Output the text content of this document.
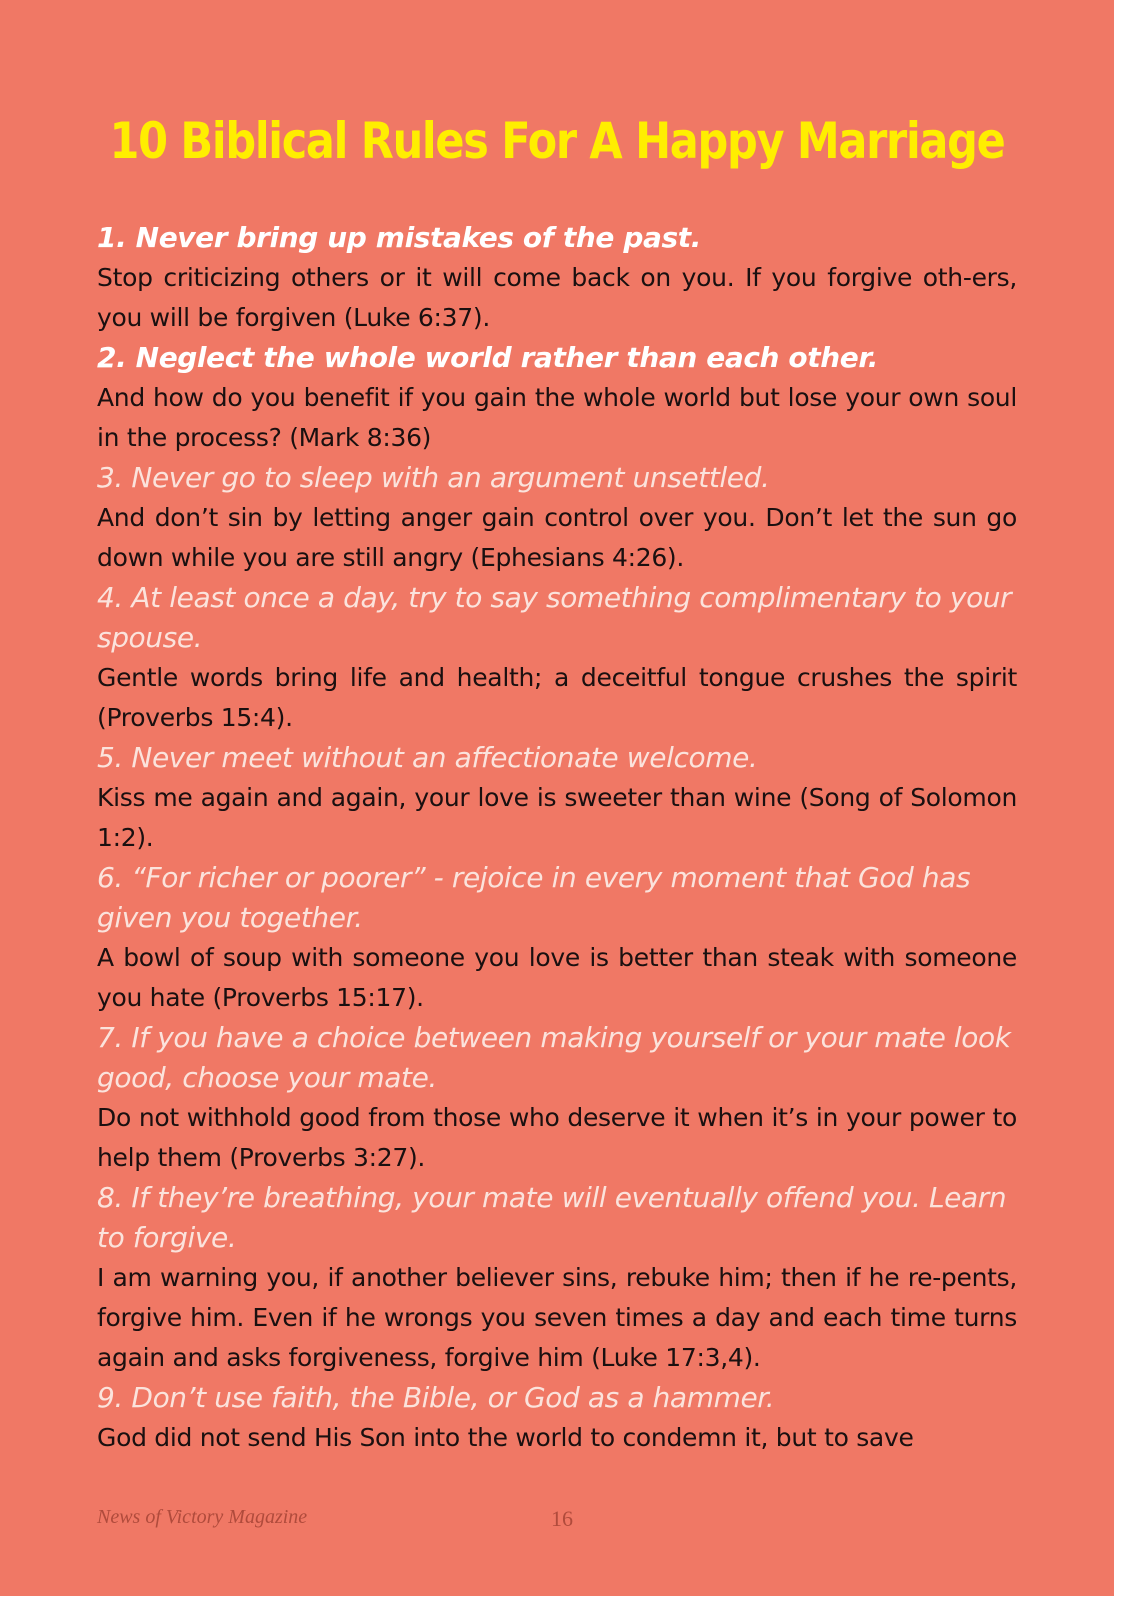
10 Biblical Rules For A Happy Marriage

1. Never bring up mistakes of the past.

Stop criticizing others or it will come back on you. If you forgive oth-ers, you will be forgiven (Luke 6:37).

2. Neglect the whole world rather than each other.

And how do you benefit if you gain the whole world but lose your own soul in the process? (Mark 8:36)

3. Never go to sleep with an argument unsettled.

And don’t sin by letting anger gain control over you. Don’t let the sun go down while you are still angry (Ephesians 4:26).

4. At least once a day, try to say something complimentary to your spouse.

Gentle words bring life and health; a deceitful tongue crushes the spirit (Proverbs 15:4).

5. Never meet without an affectionate welcome.

Kiss me again and again, your love is sweeter than wine (Song of Solomon 1:2).

6. “For richer or poorer” - rejoice in every moment that God has given you together.

A bowl of soup with someone you love is better than steak with someone you hate (Proverbs 15:17).

7. If you have a choice between making yourself or your mate look good, choose your mate.

Do not withhold good from those who deserve it when it’s in your power to help them (Proverbs 3:27).

8. If they’re breathing, your mate will eventually offend you. Learn to forgive.

I am warning you, if another believer sins, rebuke him; then if he re-pents, forgive him. Even if he wrongs you seven times a day and each time turns again and asks forgiveness, forgive him (Luke 17:3,4).

9. Don’t use faith, the Bible, or God as a hammer.

God did not send His Son into the world to condemn it, but to save

News of Victory Magazine	16
